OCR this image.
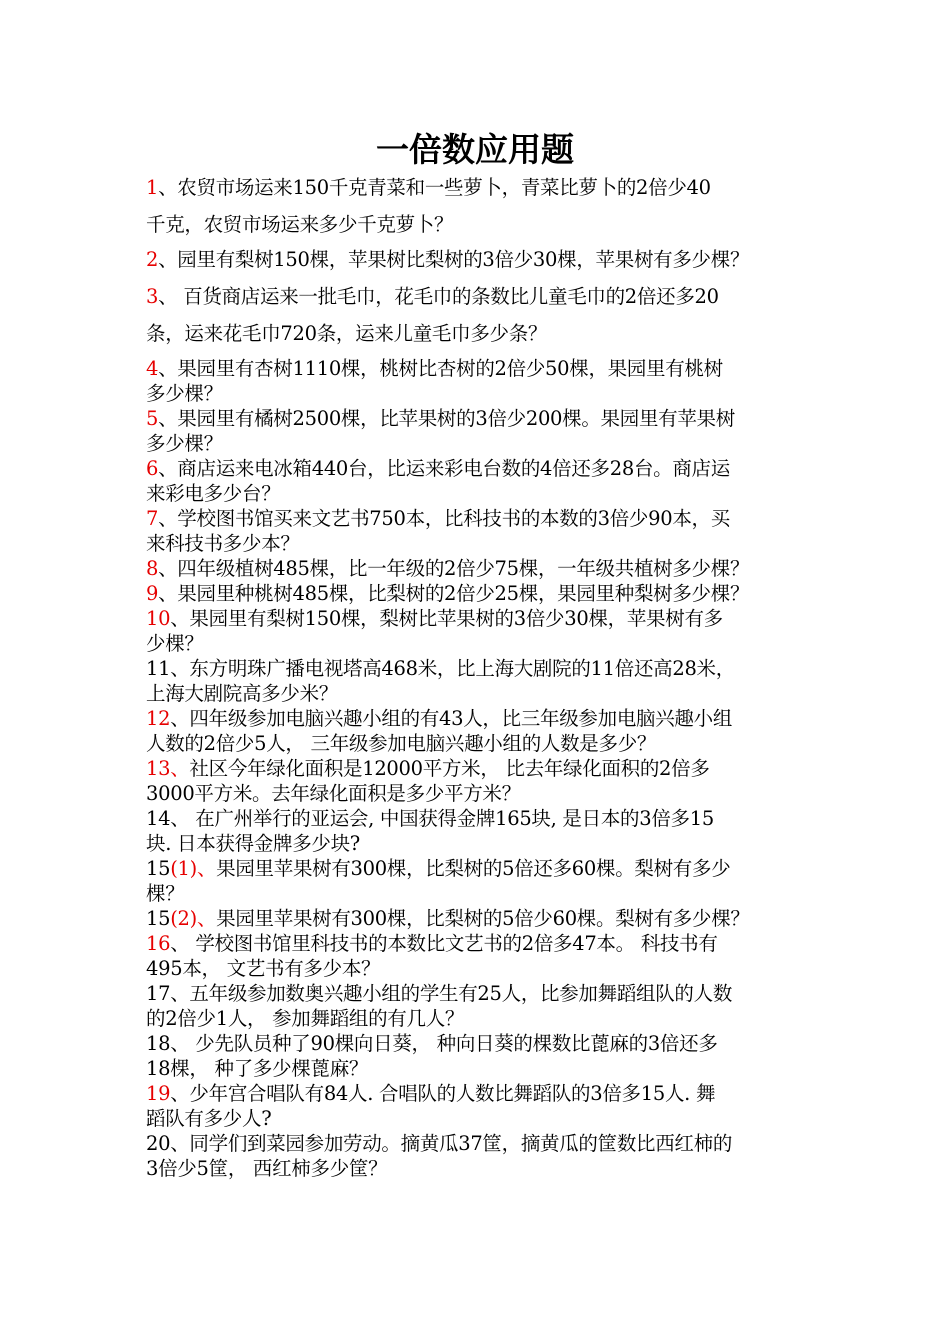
一倍数应用题
1、农贸市场运来150千克青菜和一些萝卜，青菜比萝卜的2倍少40
千克，农贸市场运来多少千克萝卜？
2、园里有梨树150棵，苹果树比梨树的3倍少30棵，苹果树有多少棵？
3、 百货商店运来一批毛巾，花毛巾的条数比儿童毛巾的2倍还多20
条，运来花毛巾720条，运来儿童毛巾多少条？
4、果园里有杏树1110棵，桃树比杏树的2倍少50棵，果园里有桃树
多少棵？
5、果园里有橘树2500棵，比苹果树的3倍少200棵。果园里有苹果树
多少棵？
6、商店运来电冰箱440台，比运来彩电台数的4倍还多28台。商店运
来彩电多少台？
7、学校图书馆买来文艺书750本，比科技书的本数的3倍少90本，买
来科技书多少本？
8、四年级植树485棵，比一年级的2倍少75棵，一年级共植树多少棵？
9、果园里种桃树485棵，比梨树的2倍少25棵，果园里种梨树多少棵？
10、果园里有梨树150棵，梨树比苹果树的3倍少30棵，苹果树有多
少棵？
11、东方明珠广播电视塔高468米，比上海大剧院的11倍还高28米，
上海大剧院高多少米？
12、四年级参加电脑兴趣小组的有43人，比三年级参加电脑兴趣小组
人数的2倍少5人， 三年级参加电脑兴趣小组的人数是多少？
13、社区今年绿化面积是12000平方米， 比去年绿化面积的2倍多
3000平方米。去年绿化面积是多少平方米？
14、 在广州举行的亚运会, 中国获得金牌165块, 是日本的3倍多15
块. 日本获得金牌多少块?
15(1)、果园里苹果树有300棵，比梨树的5倍还多60棵。梨树有多少
棵？
15(2)、果园里苹果树有300棵，比梨树的5倍少60棵。梨树有多少棵？
16、 学校图书馆里科技书的本数比文艺书的2倍多47本。 科技书有
495本， 文艺书有多少本？
17、五年级参加数奥兴趣小组的学生有25人，比参加舞蹈组队的人数
的2倍少1人， 参加舞蹈组的有几人？
18、 少先队员种了90棵向日葵， 种向日葵的棵数比蓖麻的3倍还多
18棵， 种了多少棵蓖麻？
19、少年宫合唱队有84人. 合唱队的人数比舞蹈队的3倍多15人. 舞
蹈队有多少人?
20、同学们到菜园参加劳动。摘黄瓜37筐，摘黄瓜的筐数比西红柿的
3倍少5筐， 西红柿多少筐？
